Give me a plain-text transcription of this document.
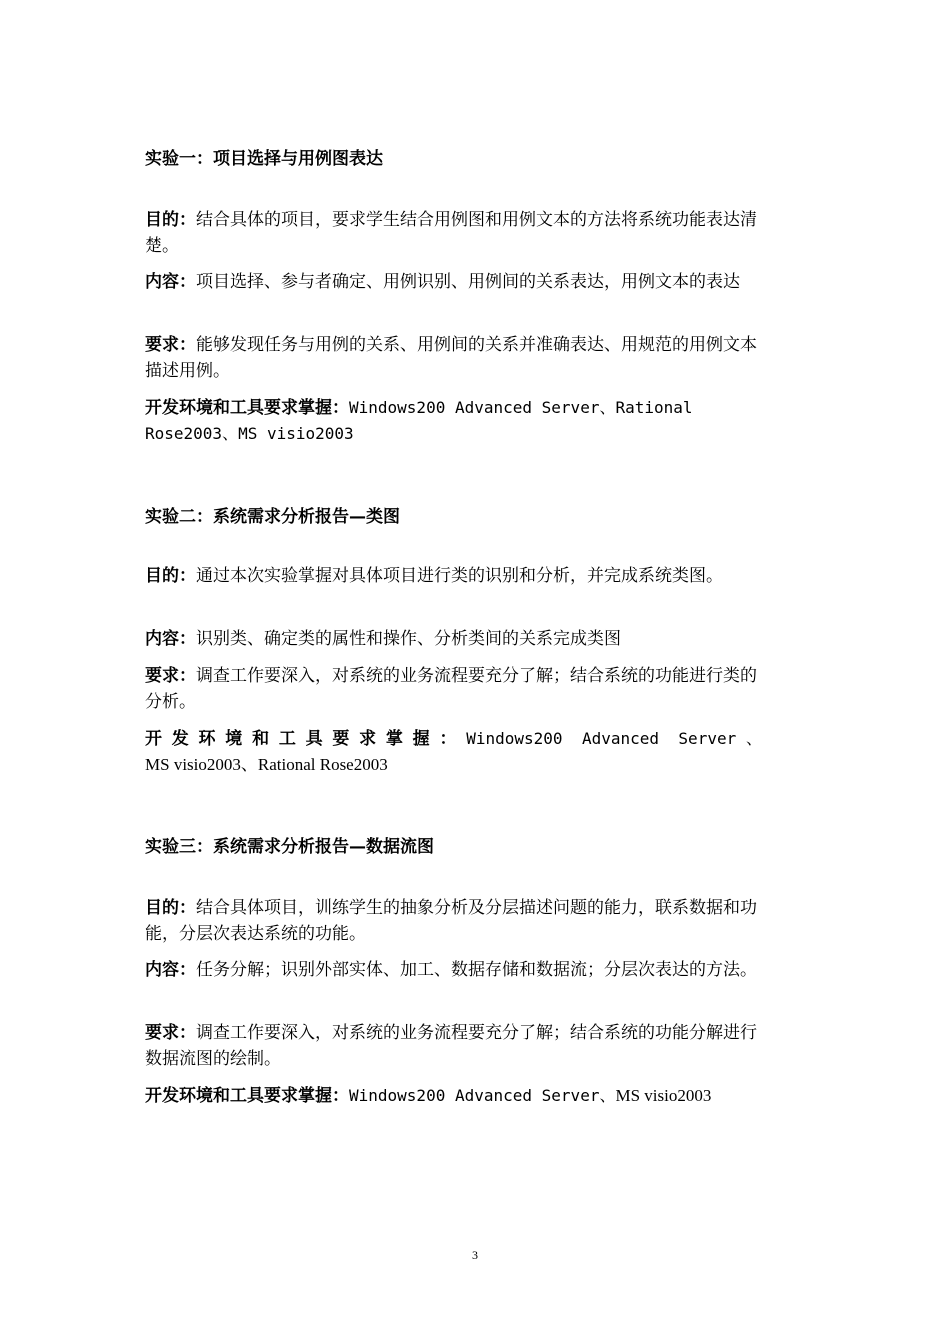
实验一：项目选择与用例图表达
目的：结合具体的项目，要求学生结合用例图和用例文本的方法将系统功能表达清楚。
内容：项目选择、参与者确定、用例识别、用例间的关系表达，用例文本的表达
要求：能够发现任务与用例的关系、用例间的关系并准确表达、用规范的用例文本描述用例。
开发环境和工具要求掌握：Windows200 Advanced Server、Rational Rose2003、MS visio2003
实验二：系统需求分析报告—类图
目的：通过本次实验掌握对具体项目进行类的识别和分析，并完成系统类图。
内容：识别类、确定类的属性和操作、分析类间的关系完成类图
要求：调查工作要深入，对系统的业务流程要充分了解；结合系统的功能进行类的分析。
开发环境和工具要求掌握：Windows200 Advanced Server、
MS visio2003、Rational Rose2003
实验三：系统需求分析报告—数据流图
目的：结合具体项目，训练学生的抽象分析及分层描述问题的能力，联系数据和功能，分层次表达系统的功能。
内容：任务分解；识别外部实体、加工、数据存储和数据流；分层次表达的方法。
要求：调查工作要深入，对系统的业务流程要充分了解；结合系统的功能分解进行数据流图的绘制。
开发环境和工具要求掌握：Windows200 Advanced Server、MS visio2003
3
